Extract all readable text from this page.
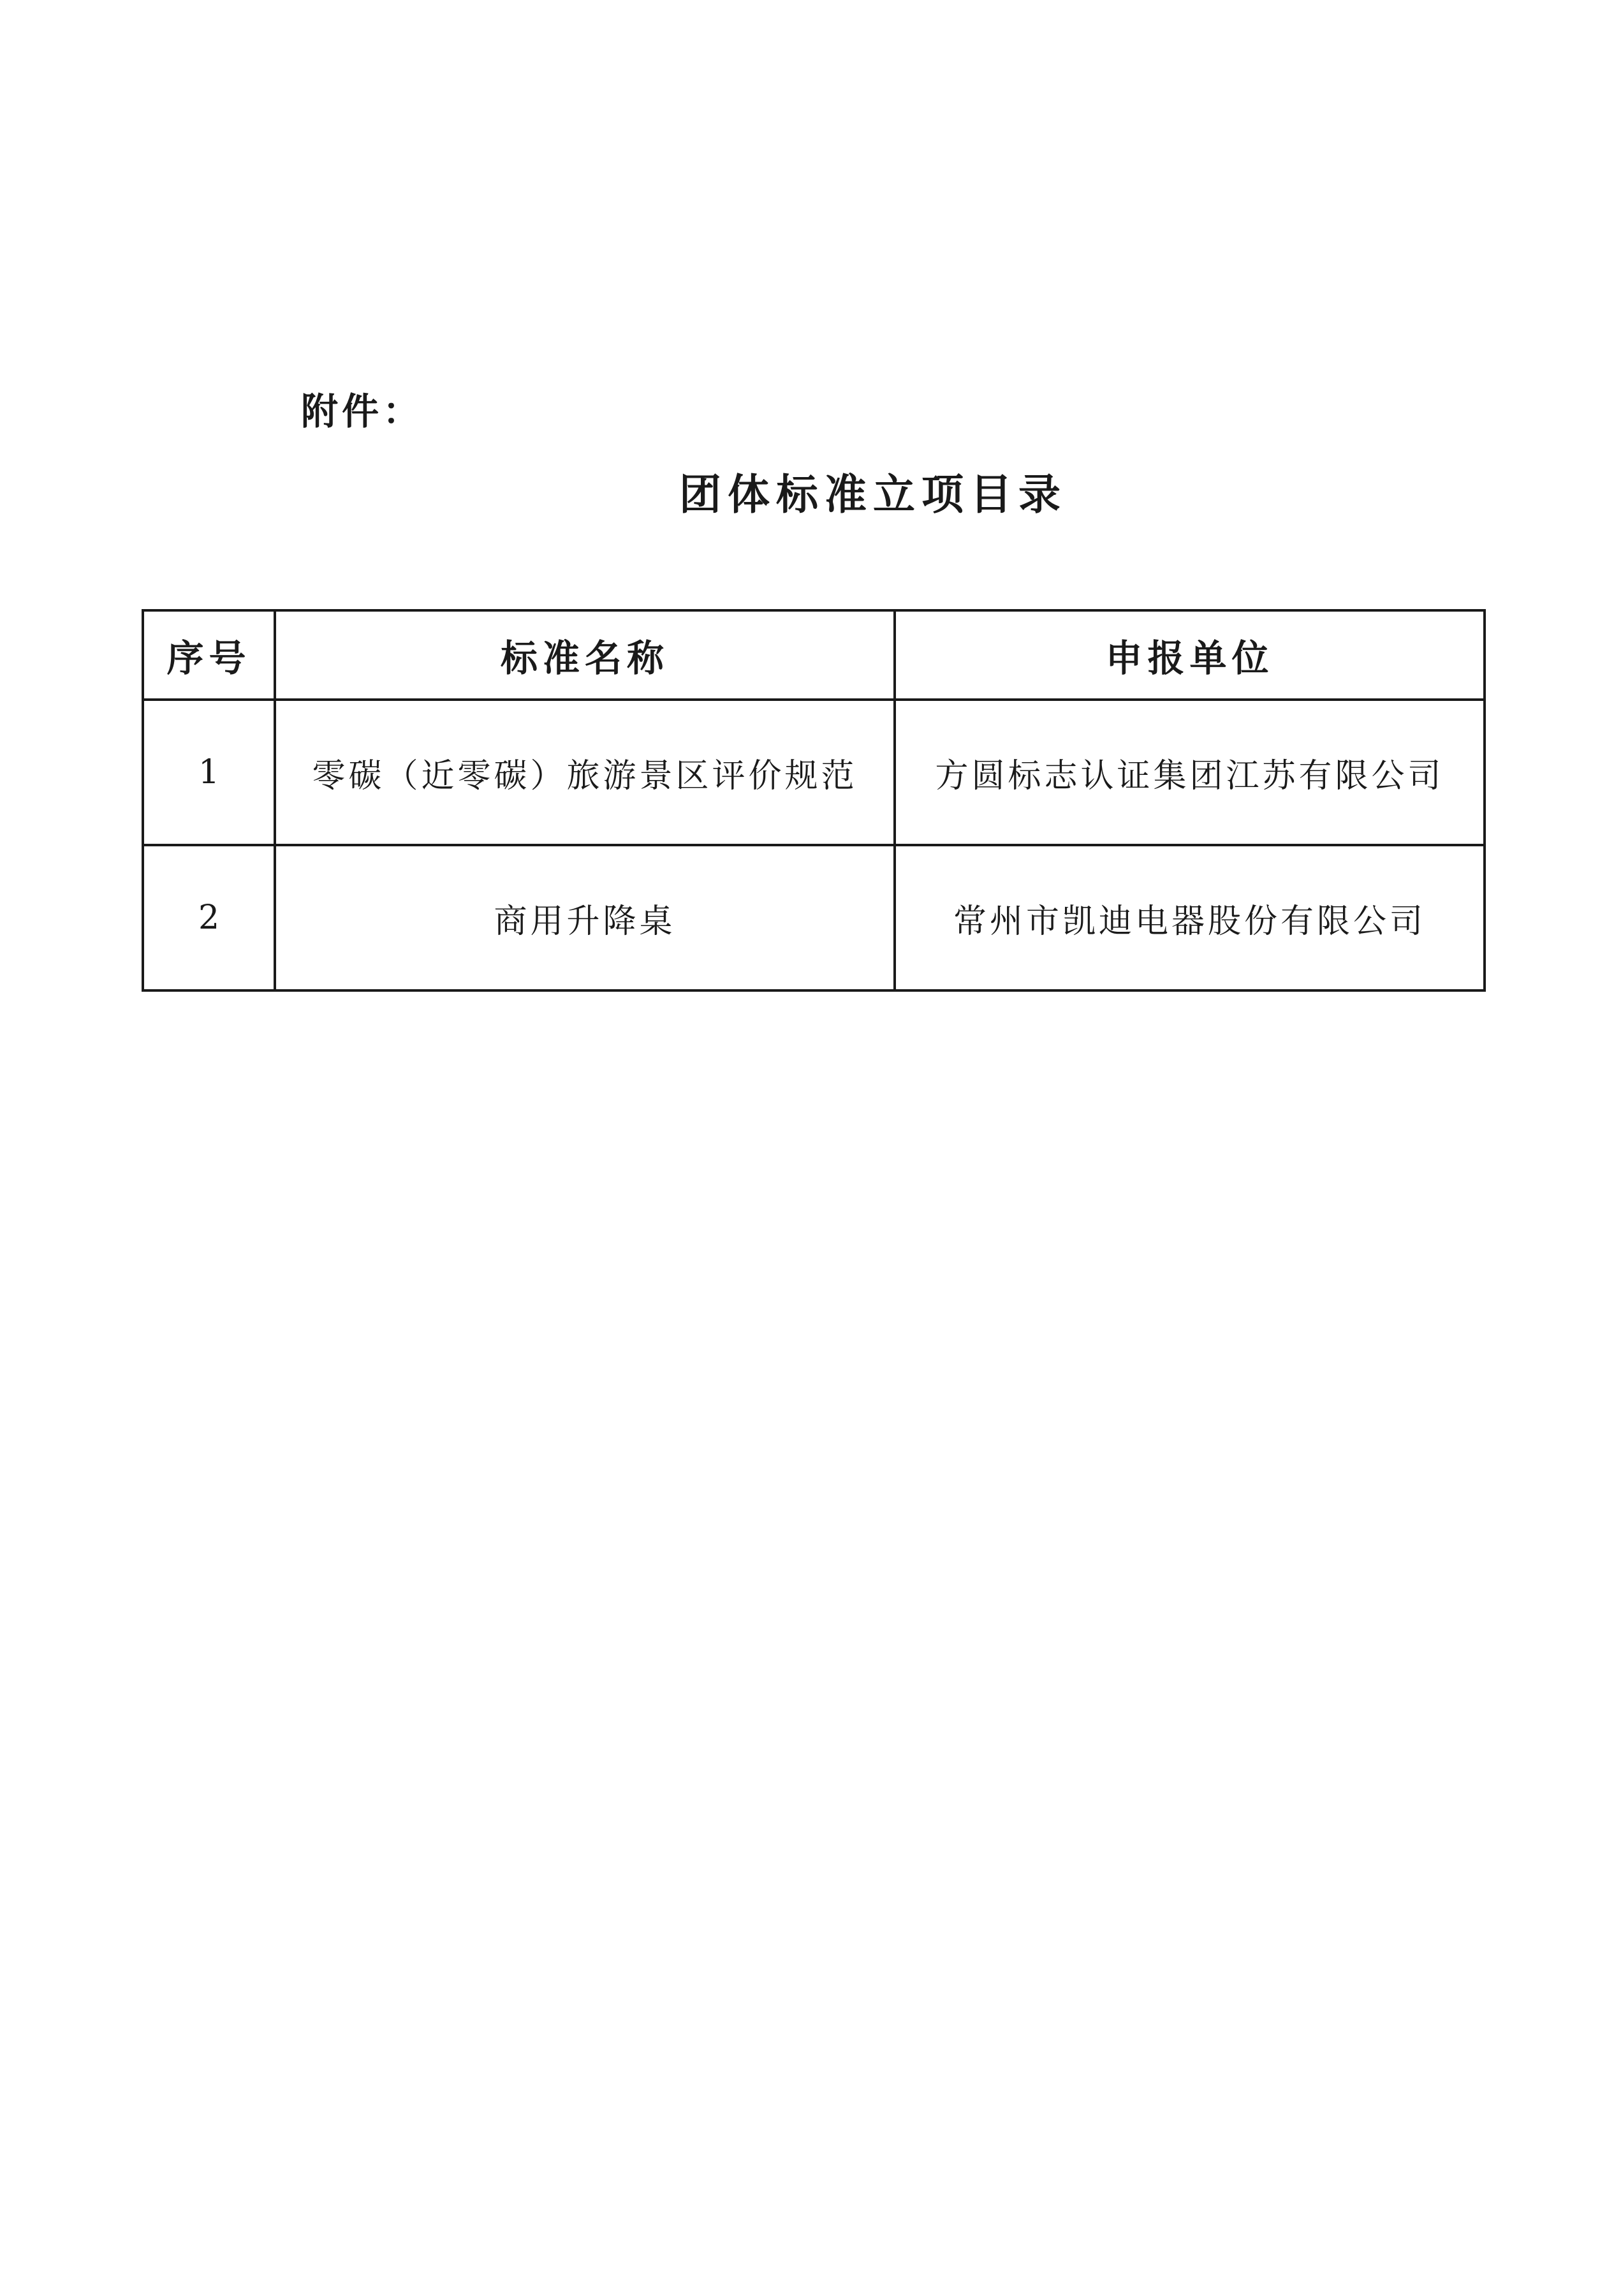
附件：
团体标准立项目录
序号	标准名称	申报单位
1	零碳（近零碳）旅游景区评价规范	方圆标志认证集团江苏有限公司
2	商用升降桌	常州市凯迪电器股份有限公司
